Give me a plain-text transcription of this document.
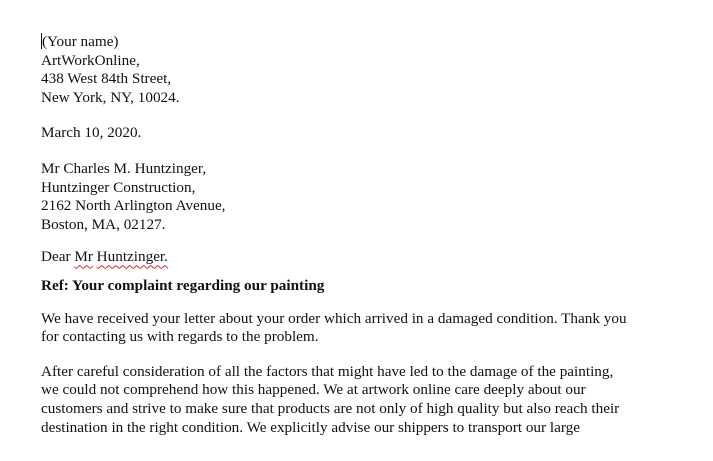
(Your name)
ArtWorkOnline,
438 West 84th Street,
New York, NY, 10024.
March 10, 2020.
Mr Charles M. Huntzinger,
Huntzinger Construction,
2162 North Arlington Avenue,
Boston, MA, 02127.
Dear Mr Huntzinger.
Ref: Your complaint regarding our painting
We have received your letter about your order which arrived in a damaged condition. Thank you
for contacting us with regards to the problem.
After careful consideration of all the factors that might have led to the damage of the painting,
we could not comprehend how this happened. We at artwork online care deeply about our
customers and strive to make sure that products are not only of high quality but also reach their
destination in the right condition. We explicitly advise our shippers to transport our large
